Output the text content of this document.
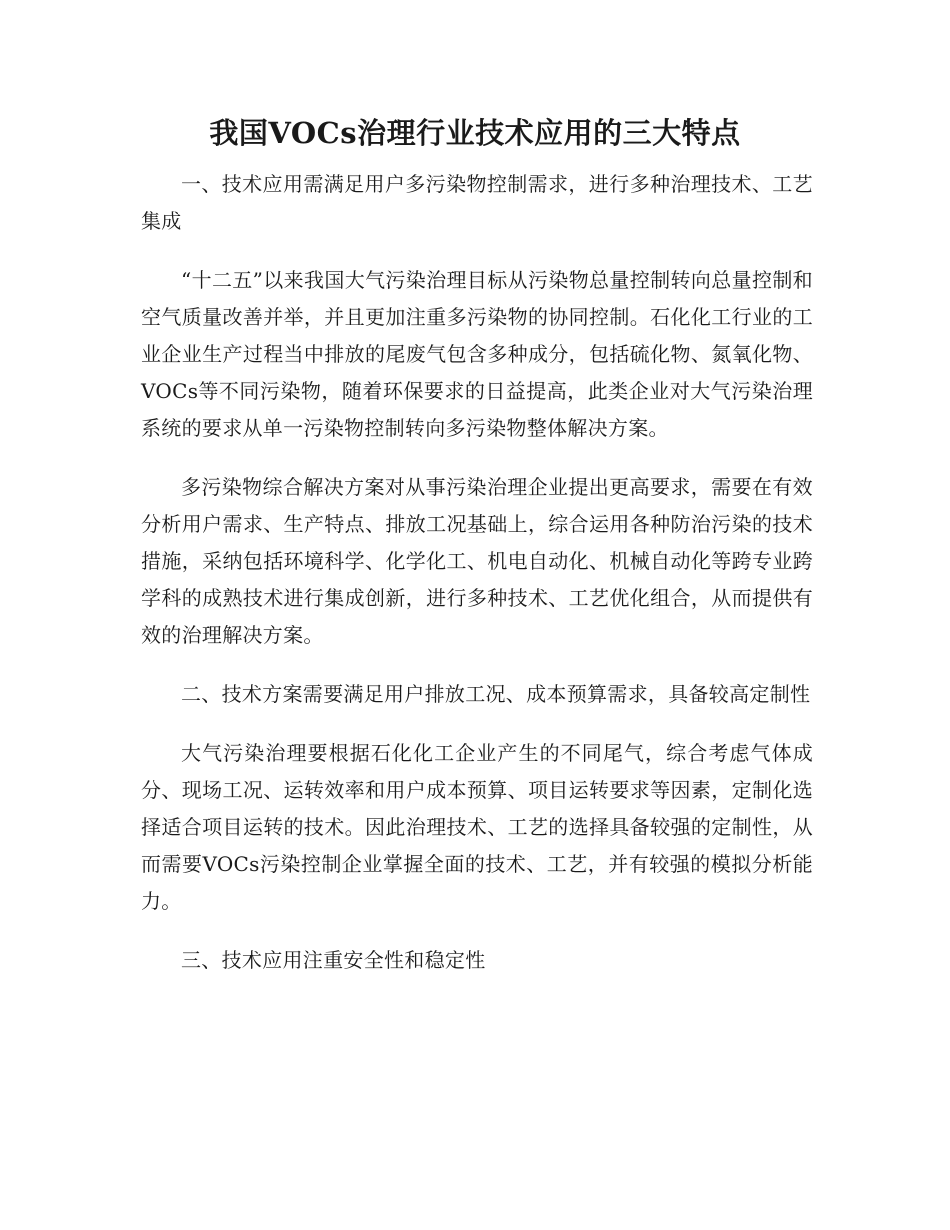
我国VOCs治理行业技术应用的三大特点

一、技术应用需满足用户多污染物控制需求，进行多种治理技术、工艺集成

“十二五”以来我国大气污染治理目标从污染物总量控制转向总量控制和空气质量改善并举，并且更加注重多污染物的协同控制。石化化工行业的工业企业生产过程当中排放的尾废气包含多种成分，包括硫化物、氮氧化物、VOCs等不同污染物，随着环保要求的日益提高，此类企业对大气污染治理系统的要求从单一污染物控制转向多污染物整体解决方案。

多污染物综合解决方案对从事污染治理企业提出更高要求，需要在有效分析用户需求、生产特点、排放工况基础上，综合运用各种防治污染的技术措施，采纳包括环境科学、化学化工、机电自动化、机械自动化等跨专业跨学科的成熟技术进行集成创新，进行多种技术、工艺优化组合，从而提供有效的治理解决方案。

二、技术方案需要满足用户排放工况、成本预算需求，具备较高定制性

大气污染治理要根据石化化工企业产生的不同尾气，综合考虑气体成分、现场工况、运转效率和用户成本预算、项目运转要求等因素，定制化选择适合项目运转的技术。因此治理技术、工艺的选择具备较强的定制性，从而需要VOCs污染控制企业掌握全面的技术、工艺，并有较强的模拟分析能力。

三、技术应用注重安全性和稳定性
